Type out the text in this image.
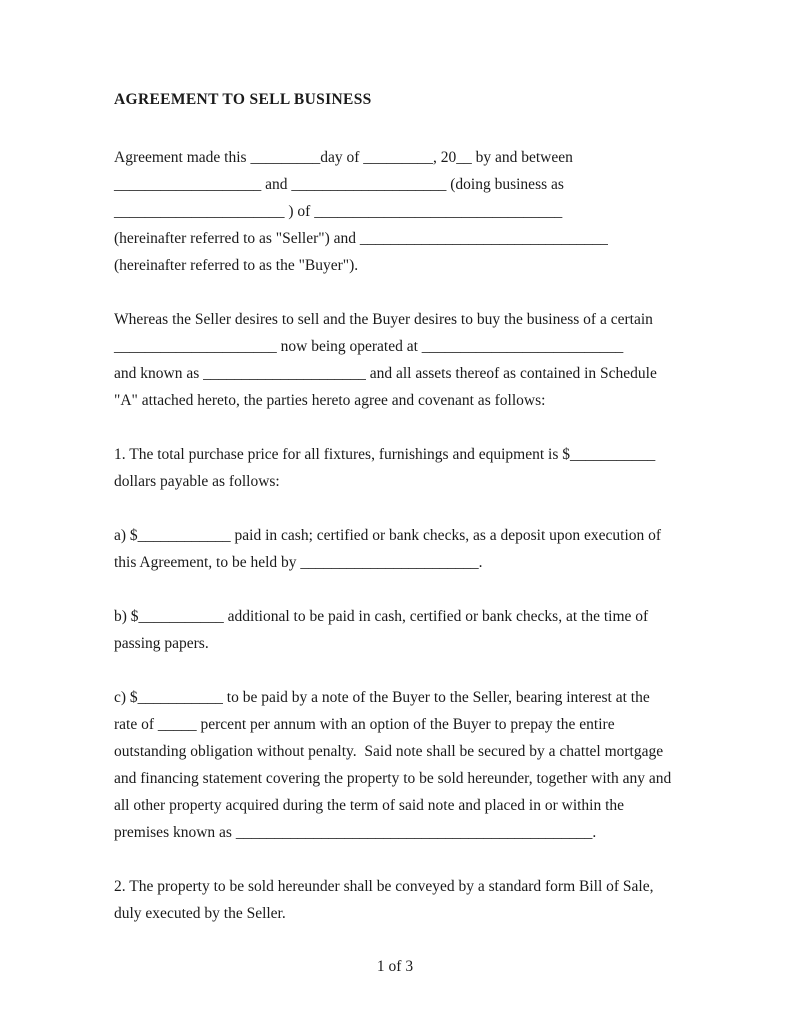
AGREEMENT TO SELL BUSINESS
Agreement made this _________day of _________, 20__ by and between
___________________ and ____________________ (doing business as
______________________ ) of ________________________________
(hereinafter referred to as "Seller") and ________________________________
(hereinafter referred to as the "Buyer").
Whereas the Seller desires to sell and the Buyer desires to buy the business of a certain
_____________________ now being operated at __________________________
and known as _____________________ and all assets thereof as contained in Schedule
"A" attached hereto, the parties hereto agree and covenant as follows:
1. The total purchase price for all fixtures, furnishings and equipment is $___________
dollars payable as follows:
a) $____________ paid in cash; certified or bank checks, as a deposit upon execution of
this Agreement, to be held by _______________________.
b) $___________ additional to be paid in cash, certified or bank checks, at the time of
passing papers.
c) $___________ to be paid by a note of the Buyer to the Seller, bearing interest at the
rate of _____ percent per annum with an option of the Buyer to prepay the entire
outstanding obligation without penalty.  Said note shall be secured by a chattel mortgage
and financing statement covering the property to be sold hereunder, together with any and
all other property acquired during the term of said note and placed in or within the
premises known as ______________________________________________.
2. The property to be sold hereunder shall be conveyed by a standard form Bill of Sale,
duly executed by the Seller.
1 of 3
